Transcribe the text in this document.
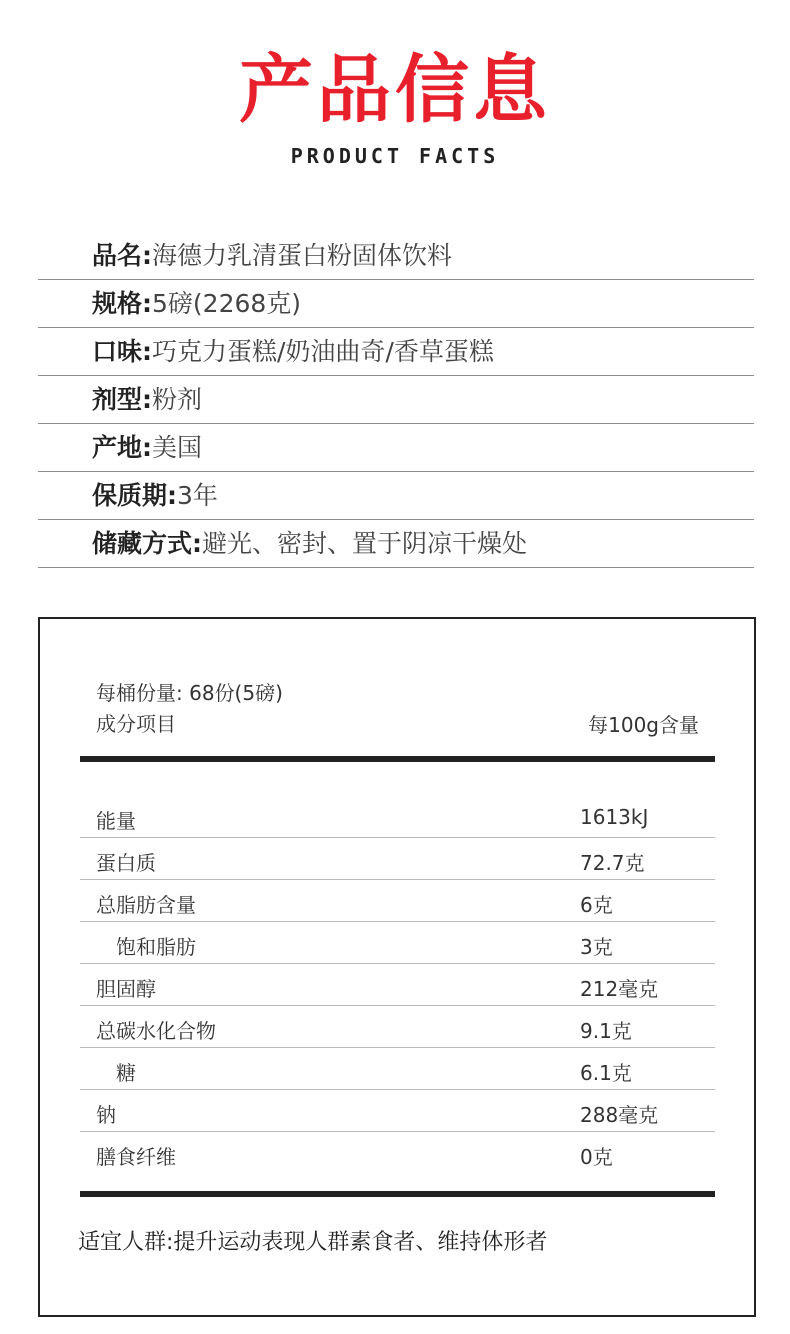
产品信息
PRODUCT FACTS
品名:海德力乳清蛋白粉固体饮料
规格:5磅(2268克)
口味:巧克力蛋糕/奶油曲奇/香草蛋糕
剂型:粉剂
产地:美国
保质期:3年
储藏方式:避光、密封、置于阴凉干燥处
每桶份量: 68份(5磅)
成分项目	每100g含量
能量	1613kJ
蛋白质	72.7克
总脂肪含量	6克
饱和脂肪	3克
胆固醇	212毫克
总碳水化合物	9.1克
糖	6.1克
钠	288毫克
膳食纤维	0克
适宜人群:提升运动表现人群素食者、维持体形者
